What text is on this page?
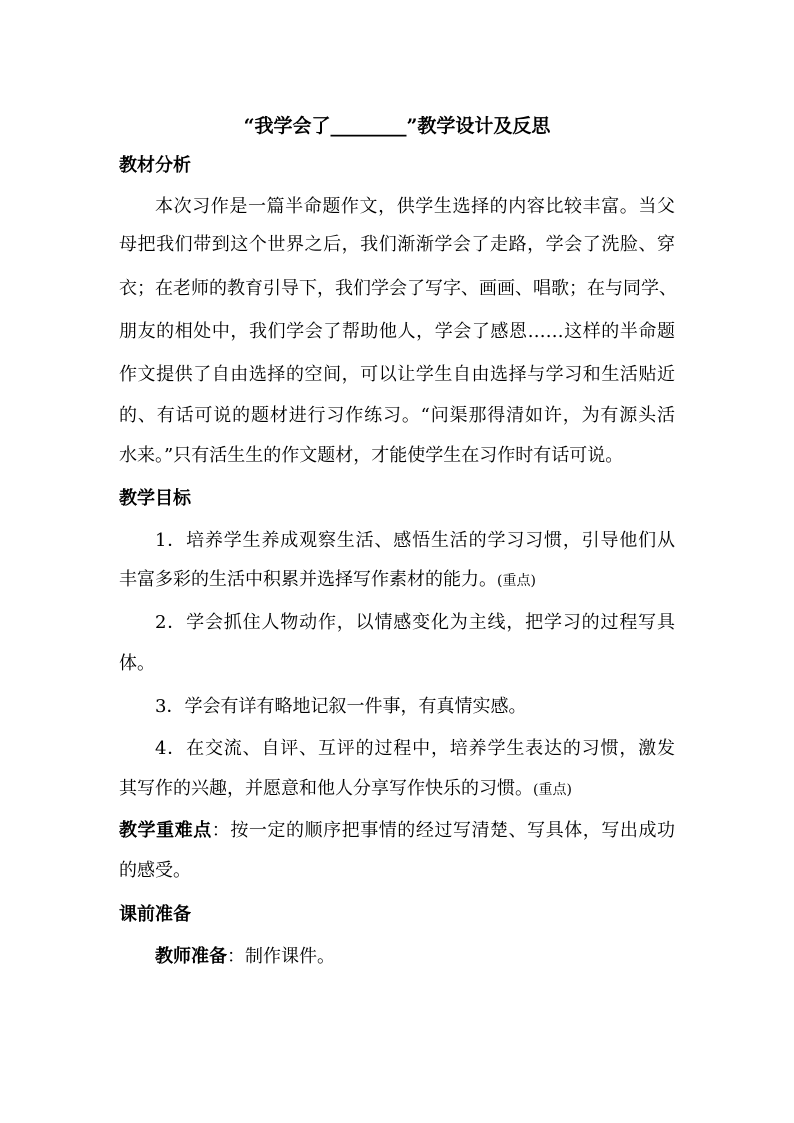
“我学会了________”教学设计及反思
教材分析
本次习作是一篇半命题作文，供学生选择的内容比较丰富。当父
母把我们带到这个世界之后，我们渐渐学会了走路，学会了洗脸、穿
衣；在老师的教育引导下，我们学会了写字、画画、唱歌；在与同学、
朋友的相处中，我们学会了帮助他人，学会了感恩……这样的半命题
作文提供了自由选择的空间，可以让学生自由选择与学习和生活贴近
的、有话可说的题材进行习作练习。“问渠那得清如许，为有源头活
水来。”只有活生生的作文题材，才能使学生在习作时有话可说。
教学目标
1．培养学生养成观察生活、感悟生活的学习习惯，引导他们从
丰富多彩的生活中积累并选择写作素材的能力。(重点)
2．学会抓住人物动作，以情感变化为主线，把学习的过程写具
体。
3．学会有详有略地记叙一件事，有真情实感。
4．在交流、自评、互评的过程中，培养学生表达的习惯，激发
其写作的兴趣，并愿意和他人分享写作快乐的习惯。(重点)
教学重难点：按一定的顺序把事情的经过写清楚、写具体，写出成功
的感受。
课前准备
教师准备：制作课件。
